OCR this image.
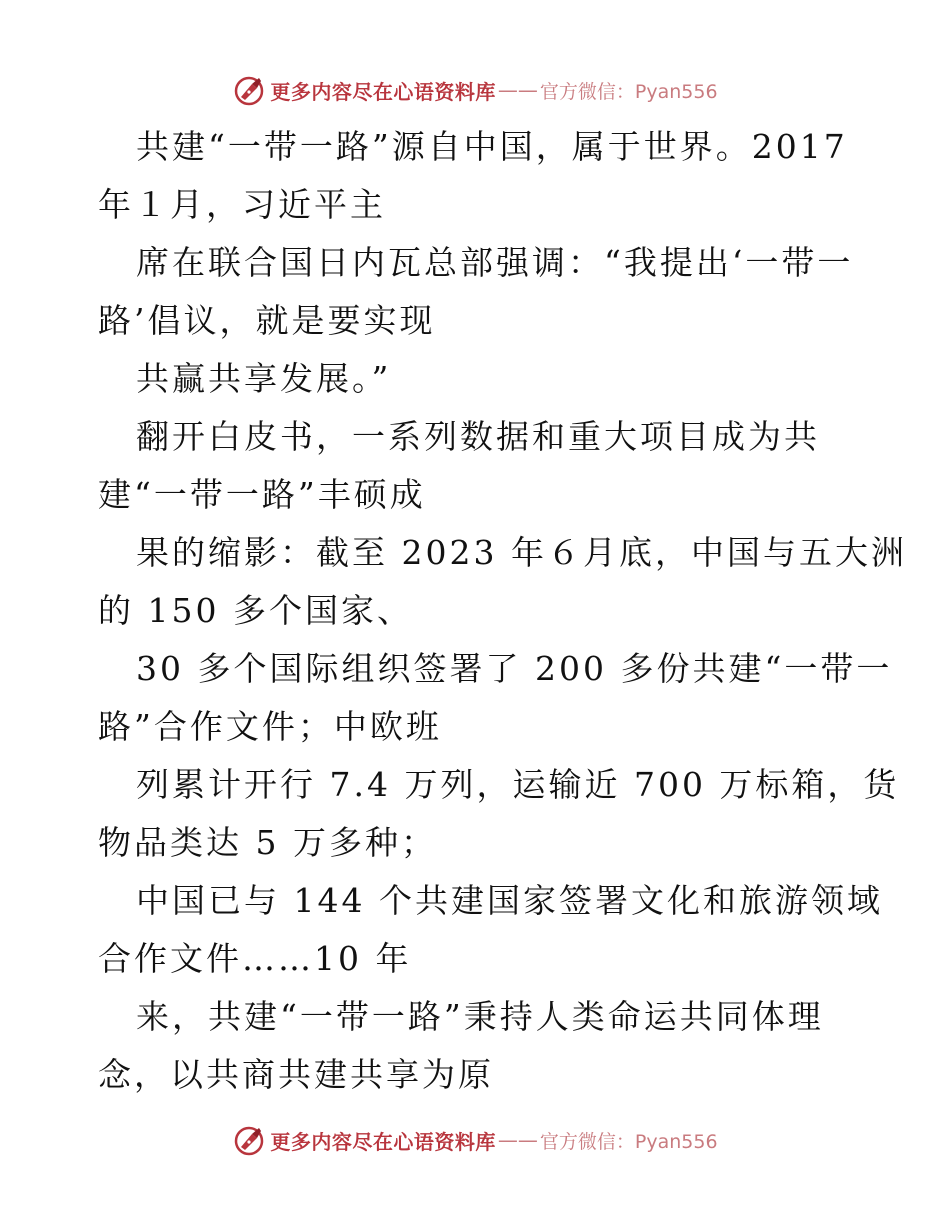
更多内容尽在心语资料库 —— 官方微信：Pyan556
共建“一带一路”源自中国，属于世界。2017
年１月，习近平主
席在联合国日内瓦总部强调：“我提出‘一带一
路’倡议，就是要实现
共赢共享发展。”
翻开白皮书，一系列数据和重大项目成为共
建“一带一路”丰硕成
果的缩影：截至 2023 年６月底，中国与五大洲
的 150 多个国家、
30 多个国际组织签署了 200 多份共建“一带一
路”合作文件；中欧班
列累计开行 7.4 万列，运输近 700 万标箱，货
物品类达 5 万多种；
中国已与 144 个共建国家签署文化和旅游领域
合作文件……10 年
来，共建“一带一路”秉持人类命运共同体理
念，以共商共建共享为原
更多内容尽在心语资料库 —— 官方微信：Pyan556
